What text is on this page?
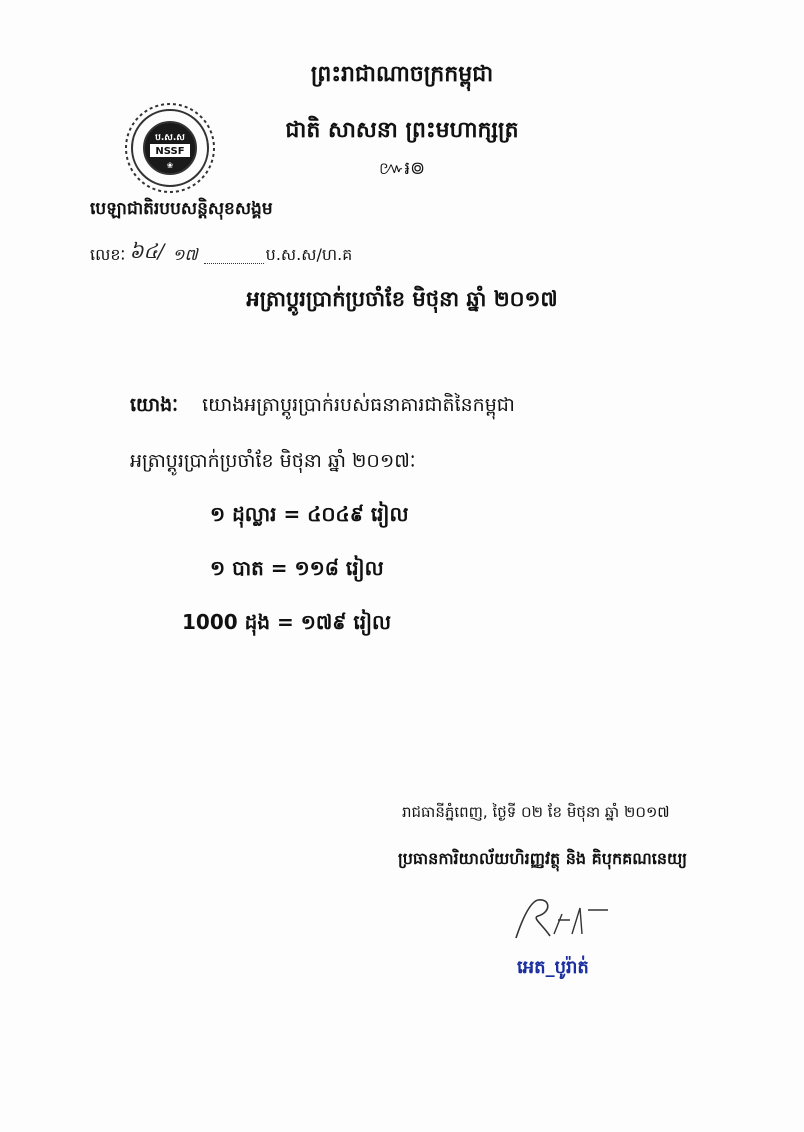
ព្រះរាជាណាចក្រកម្ពុជា
ជាតិ សាសនា ព្រះមហាក្សត្រ
៚៛៙
ប.ស.ស
NSSF
❀
បេឡាជាតិរបបសន្តិសុខសង្គម
លេខៈ ៦៤/ ១៧	ប.ស.ស/ហ.គ
អត្រាប្តូរប្រាក់ប្រចាំខែ មិថុនា ឆ្នាំ ២០១៧
យោងៈ យោងអត្រាប្តូរប្រាក់របស់ធនាគារជាតិនៃកម្ពុជា
អត្រាប្តូរប្រាក់ប្រចាំខែ មិថុនា ឆ្នាំ ២០១៧ៈ
១ ដុល្លារ = ៤០៤៩ រៀល
១ បាត = ១១៨ រៀល
1000 ដុង = ១៧៩ រៀល
រាជធានីភ្នំពេញ, ថ្ងៃទី ០២ ខែ មិថុនា ឆ្នាំ ២០១៧
ប្រធានការិយាល័យហិរញ្ញវត្ថុ និង គិបុកគណនេយ្យ
អេត_បូរ៉ាត់
